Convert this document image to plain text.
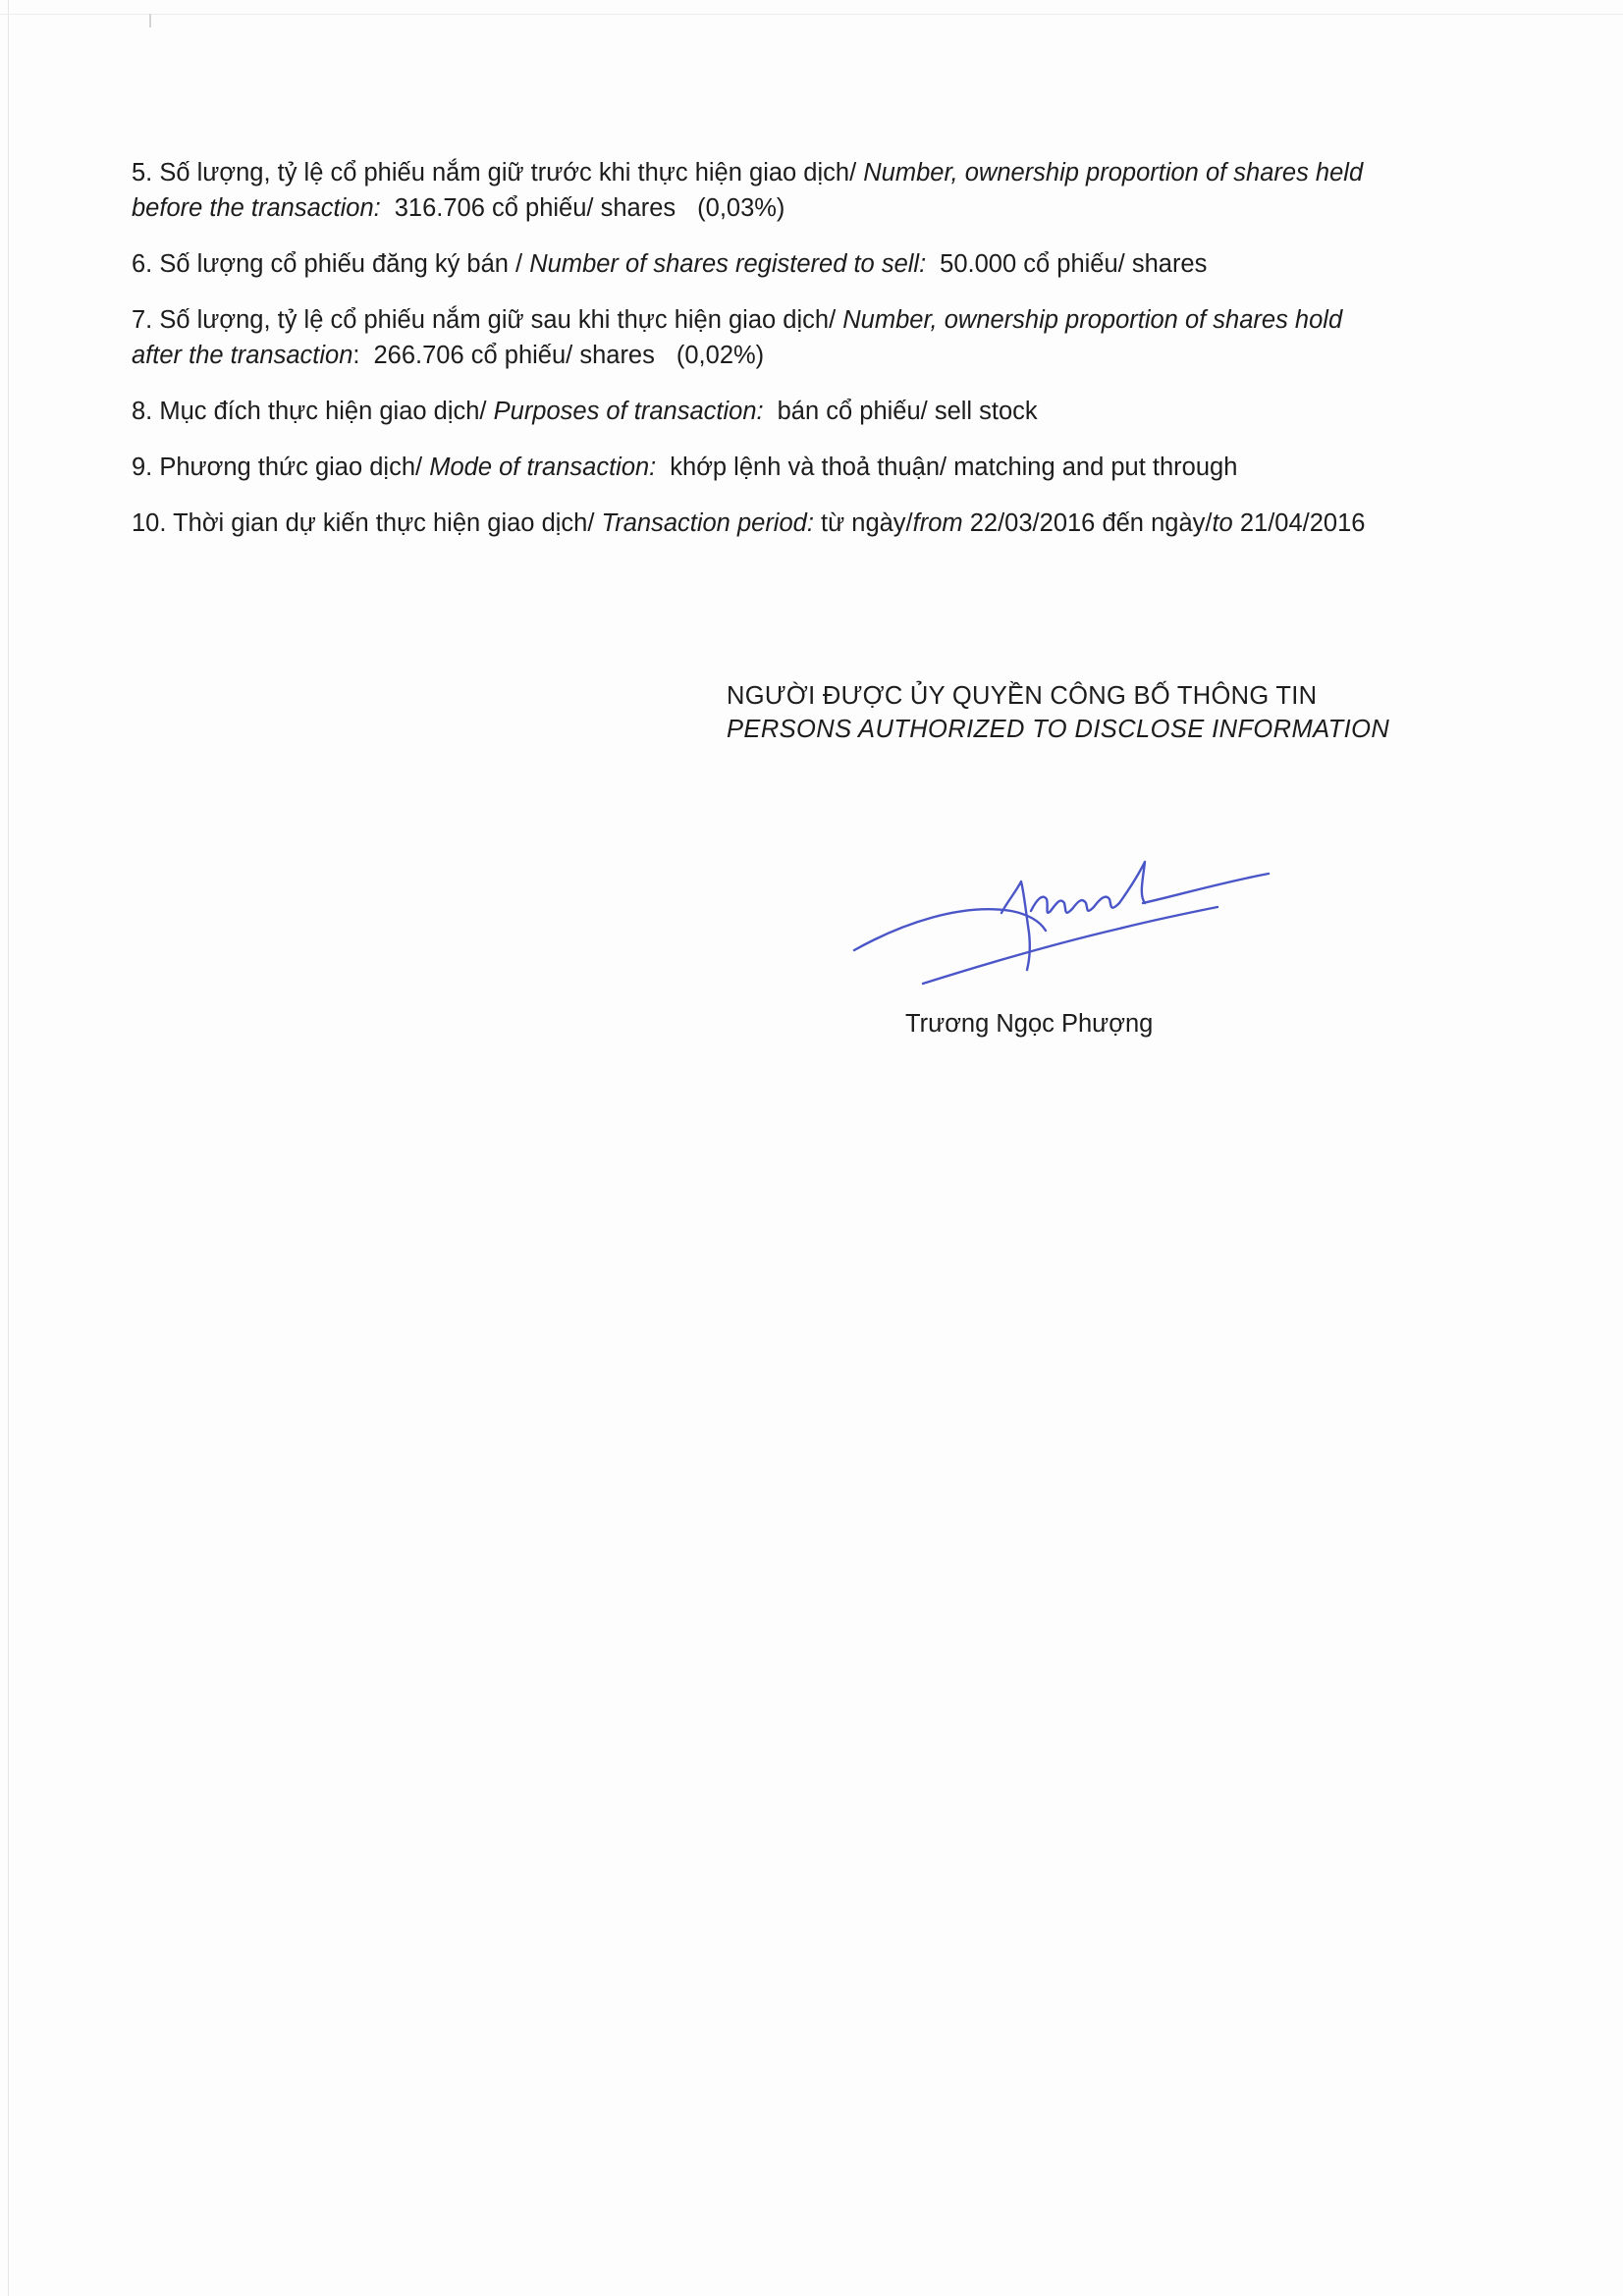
5. Số lượng, tỷ lệ cổ phiếu nắm giữ trước khi thực hiện giao dịch/ Number, ownership proportion of shares held
before the transaction: 316.706 cổ phiếu/ shares (0,03%)
6. Số lượng cổ phiếu đăng ký bán / Number of shares registered to sell: 50.000 cổ phiếu/ shares
7. Số lượng, tỷ lệ cổ phiếu nắm giữ sau khi thực hiện giao dịch/ Number, ownership proportion of shares hold
after the transaction: 266.706 cổ phiếu/ shares (0,02%)
8. Mục đích thực hiện giao dịch/ Purposes of transaction: bán cổ phiếu/ sell stock
9. Phương thức giao dịch/ Mode of transaction: khớp lệnh và thoả thuận/ matching and put through
10. Thời gian dự kiến thực hiện giao dịch/ Transaction period: từ ngày/from 22/03/2016 đến ngày/to 21/04/2016
NGƯỜI ĐƯỢC ỦY QUYỀN CÔNG BỐ THÔNG TIN
PERSONS AUTHORIZED TO DISCLOSE INFORMATION
Trương Ngọc Phượng
